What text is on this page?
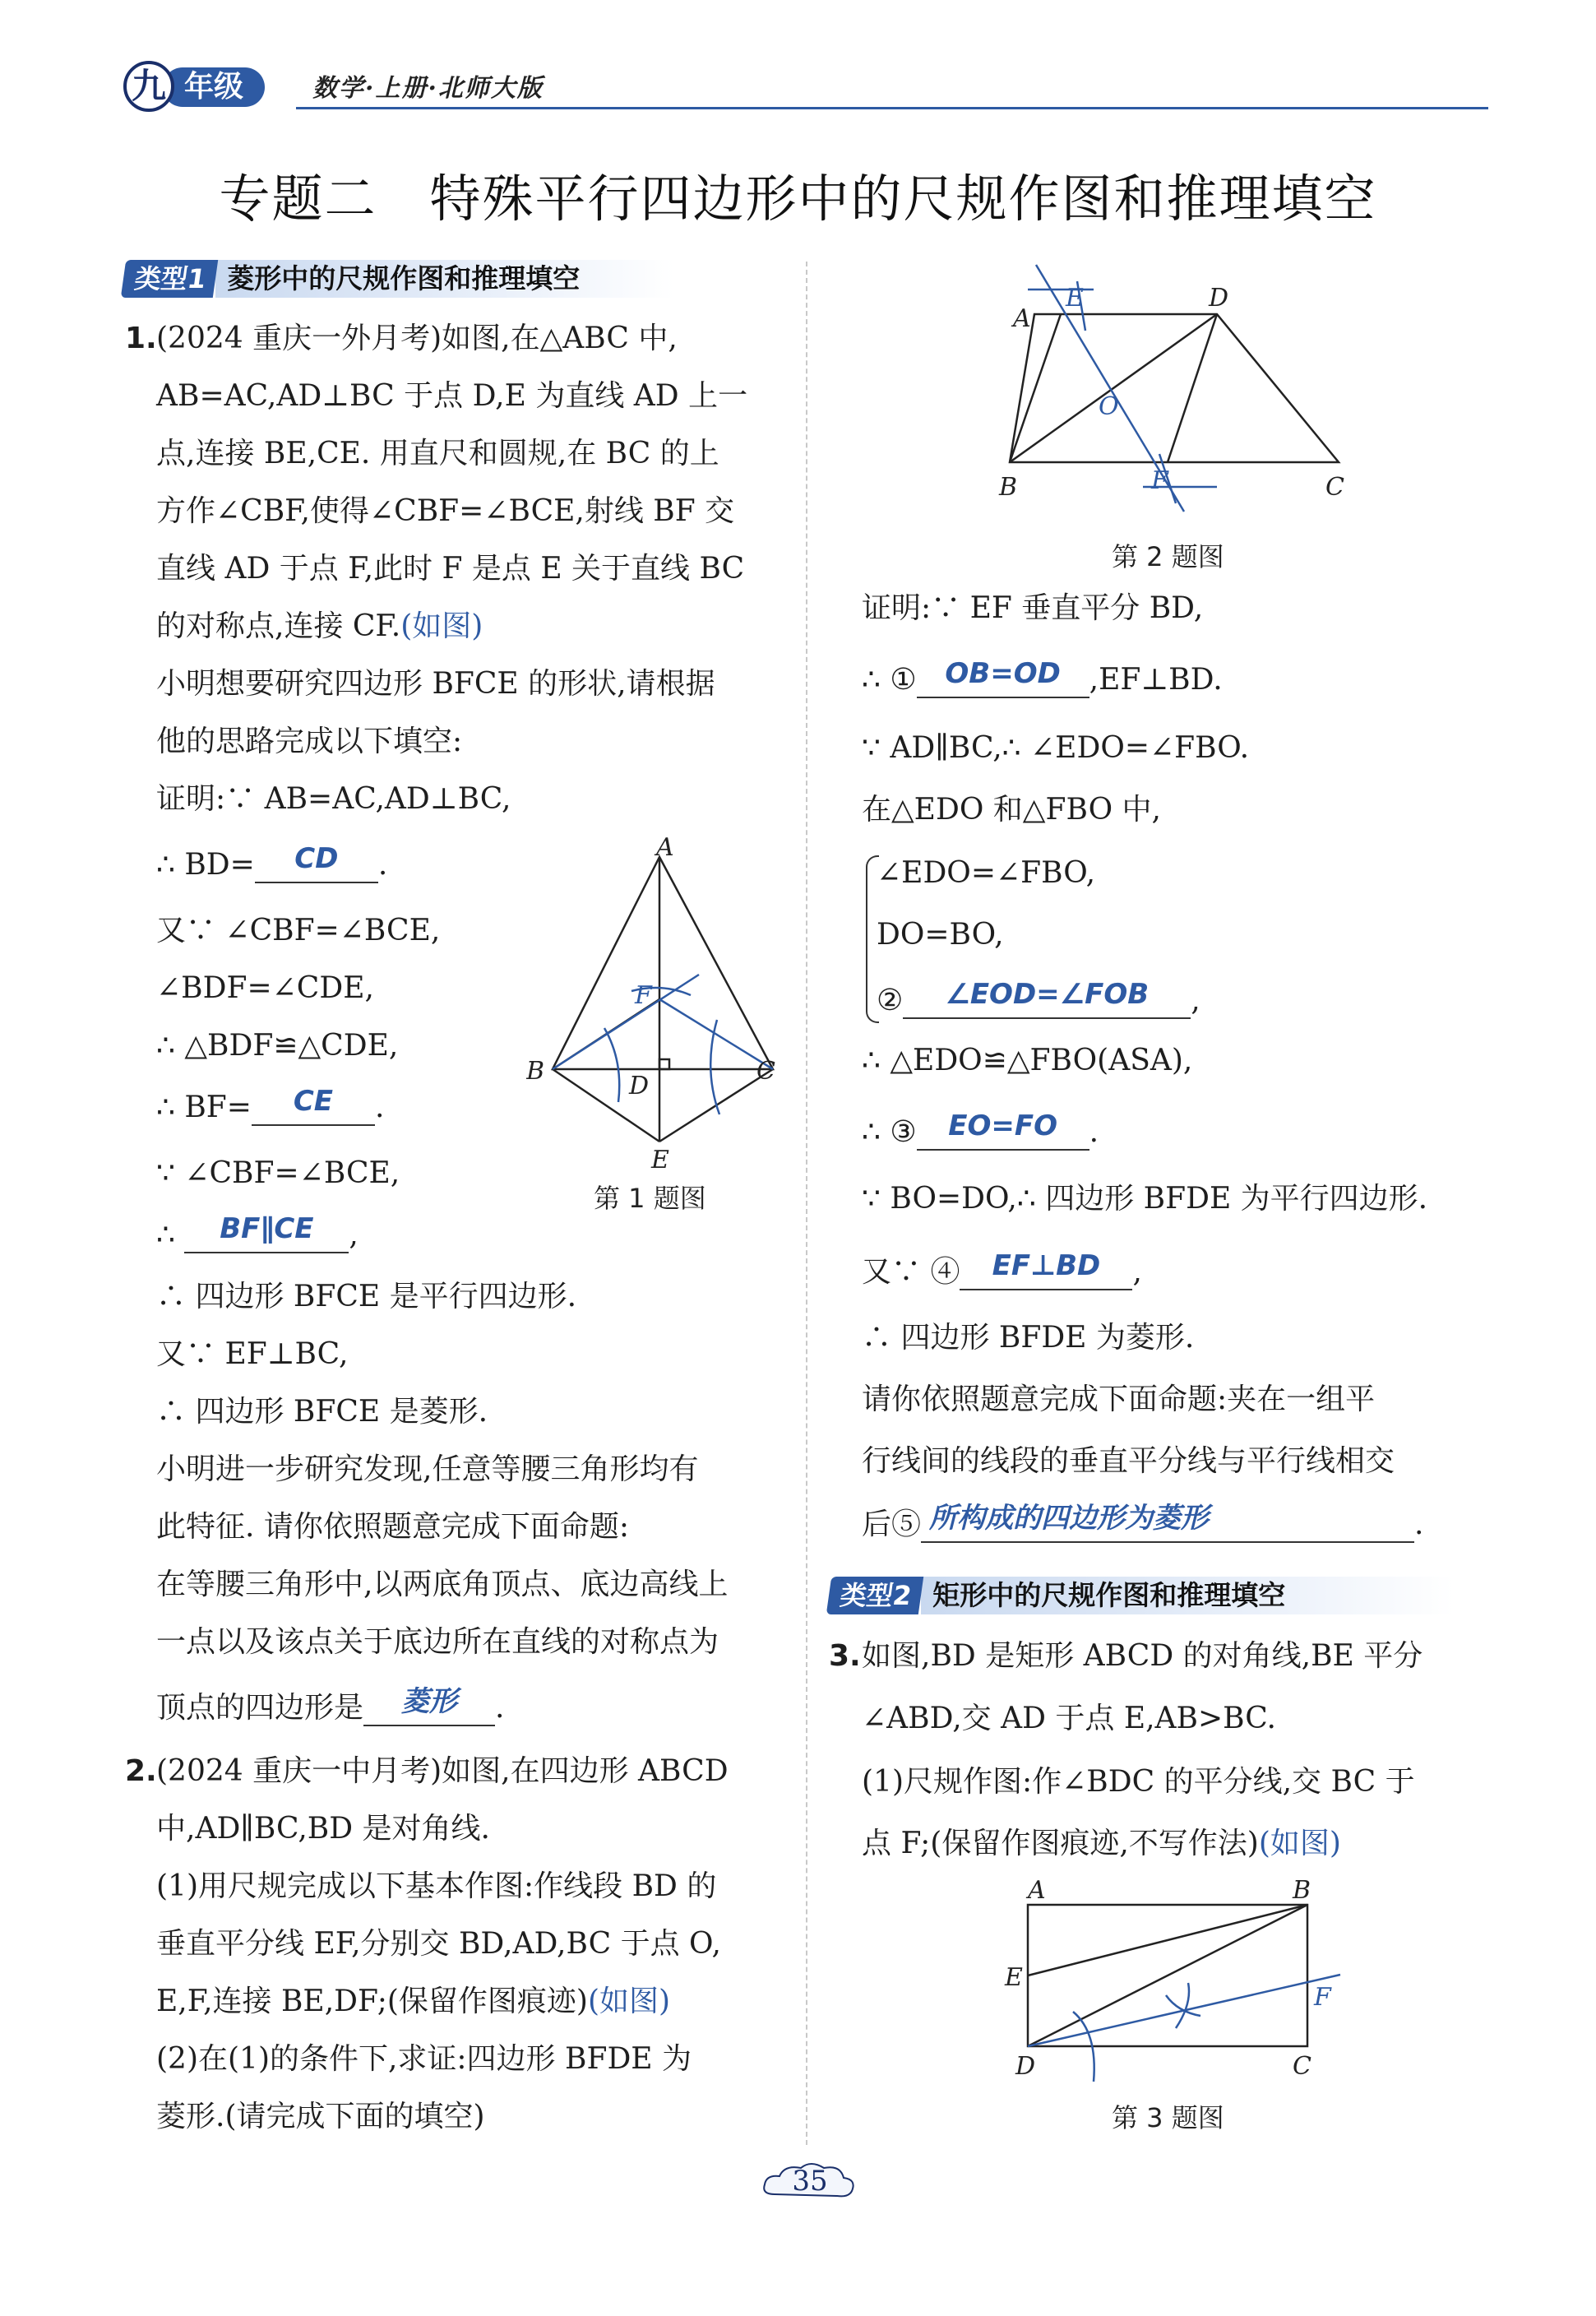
年级
九	数学·上册·北师大版
专题二　特殊平行四边形中的尺规作图和推理填空
类型1 菱形中的尺规作图和推理填空
1. (2024 重庆一外月考)如图,在△ABC 中,
AB=AC,AD⊥BC 于点 D,E 为直线 AD 上一
点,连接 BE,CE. 用直尺和圆规,在 BC 的上
方作∠CBF,使得∠CBF=∠BCE,射线 BF 交
直线 AD 于点 F,此时 F 是点 E 关于直线 BC
的对称点,连接 CF.(如图)
小明想要研究四边形 BFCE 的形状,请根据
他的思路完成以下填空:
证明:∵ AB=AC,AD⊥BC,
∴ BD= CD .
又∵ ∠CBF=∠BCE,
∠BDF=∠CDE,
∴ △BDF≌△CDE,
∴ BF= CE .
∵ ∠CBF=∠BCE,
∴ BF∥CE ,
∴ 四边形 BFCE 是平行四边形.
又∵ EF⊥BC,
∴ 四边形 BFCE 是菱形.
小明进一步研究发现,任意等腰三角形均有
此特征. 请你依照题意完成下面命题:
在等腰三角形中,以两底角顶点、底边高线上
一点以及该点关于底边所在直线的对称点为
顶点的四边形是 菱形 .
2. (2024 重庆一中月考)如图,在四边形 ABCD
中,AD∥BC,BD 是对角线.
(1)用尺规完成以下基本作图:作线段 BD 的
垂直平分线 EF,分别交 BD,AD,BC 于点 O,
E,F,连接 BE,DF;(保留作图痕迹)(如图)
(2)在(1)的条件下,求证:四边形 BFDE 为
菱形.(请完成下面的填空)
A
B	C
D
E
F
第 1 题图
A
D
E
O
B	F	C
第 2 题图
证明:∵ EF 垂直平分 BD,
∴ ① OB=OD ,EF⊥BD.
∵ AD∥BC,∴ ∠EDO=∠FBO.
在△EDO 和△FBO 中,
∠EDO=∠FBO,
DO=BO,
② ∠EOD=∠FOB ,
∴ △EDO≌△FBO(ASA),
∴ ③ EO=FO .
∵ BO=DO,∴ 四边形 BFDE 为平行四边形.
又∵ ④ EF⊥BD ,
∴ 四边形 BFDE 为菱形.
请你依照题意完成下面命题:夹在一组平
行线间的线段的垂直平分线与平行线相交
后⑤ 所构成的四边形为菱形	.
类型2 矩形中的尺规作图和推理填空
3. 如图,BD 是矩形 ABCD 的对角线,BE 平分
∠ABD,交 AD 于点 E,AB>BC.
(1)尺规作图:作∠BDC 的平分线,交 BC 于
点 F;(保留作图痕迹,不写作法)(如图)
A	B
E
F
D	C
第 3 题图
35
